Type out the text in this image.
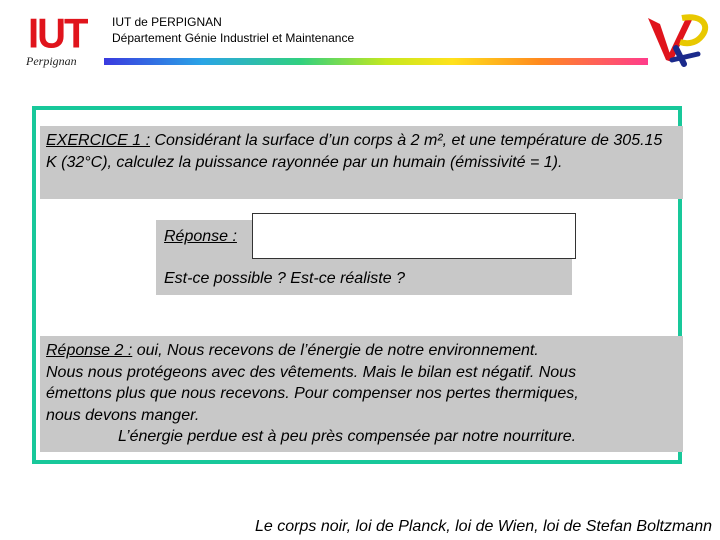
IUT
Perpignan
IUT de PERPIGNAN
Département Génie Industriel et Maintenance
EXERCICE 1 : Considérant la surface d’un corps à 2 m², et une température de 305.15 K (32°C), calculez la puissance rayonnée par un humain (émissivité = 1).
Réponse :
Est-ce possible ? Est-ce réaliste ?
Réponse 2 : oui, Nous recevons de l’énergie de notre environnement.
Nous nous protégeons avec des vêtements. Mais le bilan est négatif. Nous
émettons plus que nous recevons. Pour compenser nos pertes thermiques,
nous devons manger.
L’énergie perdue est à peu près compensée par notre nourriture.
Le corps noir, loi de Planck, loi de Wien, loi de Stefan Boltzmann
